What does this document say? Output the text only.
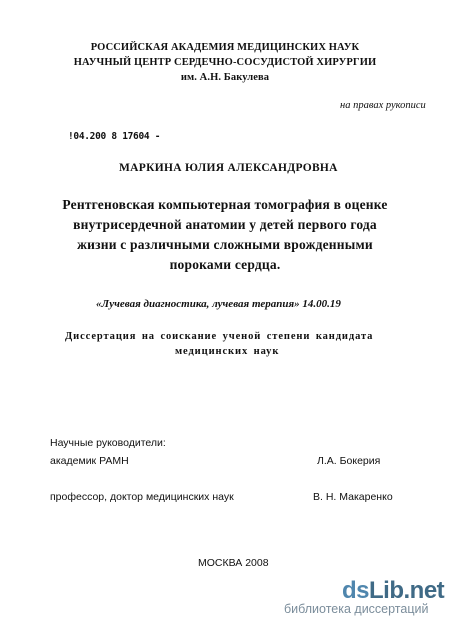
РОССИЙСКАЯ АКАДЕМИЯ МЕДИЦИНСКИХ НАУК
НАУЧНЫЙ ЦЕНТР СЕРДЕЧНО-СОСУДИСТОЙ ХИРУРГИИ
им. А.Н. Бакулева
на правах рукописи
!04.200 8 17604 -
МАРКИНА ЮЛИЯ АЛЕКСАНДРОВНА
Рентгеновская компьютерная томография в оценке
внутрисердечной анатомии у детей первого года
жизни с различными сложными врожденными
пороками сердца.
«Лучевая диагностика, лучевая терапия» 14.00.19
Диссертация на соискание ученой степени кандидата
медицинских наук
Научные руководители:
академик РАМН	Л.А. Бокерия
профессор, доктор медицинских наук	В. Н. Макаренко
МОСКВА 2008
dsLib.net
библиотека диссертаций
